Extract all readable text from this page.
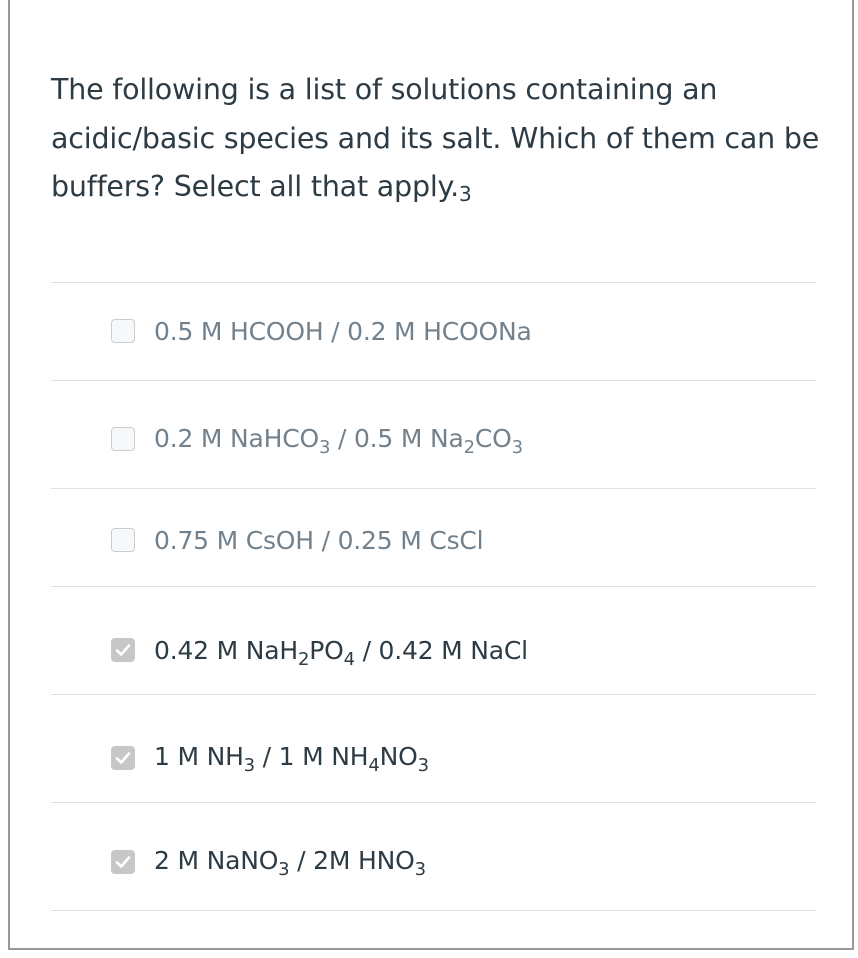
The following is a list of solutions containing an acidic/basic species and its salt. Which of them can be buffers? Select all that apply.3
0.5 M HCOOH / 0.2 M HCOONa
0.2 M NaHCO$_3$ / 0.5 M $Na_2CO_3$
0.75 M CsOH / 0.25 M CsCl
0.42 M $NaH_2PO_4 / 0.42$ M NaCl
1 M $NH_3 / 1$ M $NH_4NO_3$
2 M NaNO$_3$ / 2M $HNO_3$
